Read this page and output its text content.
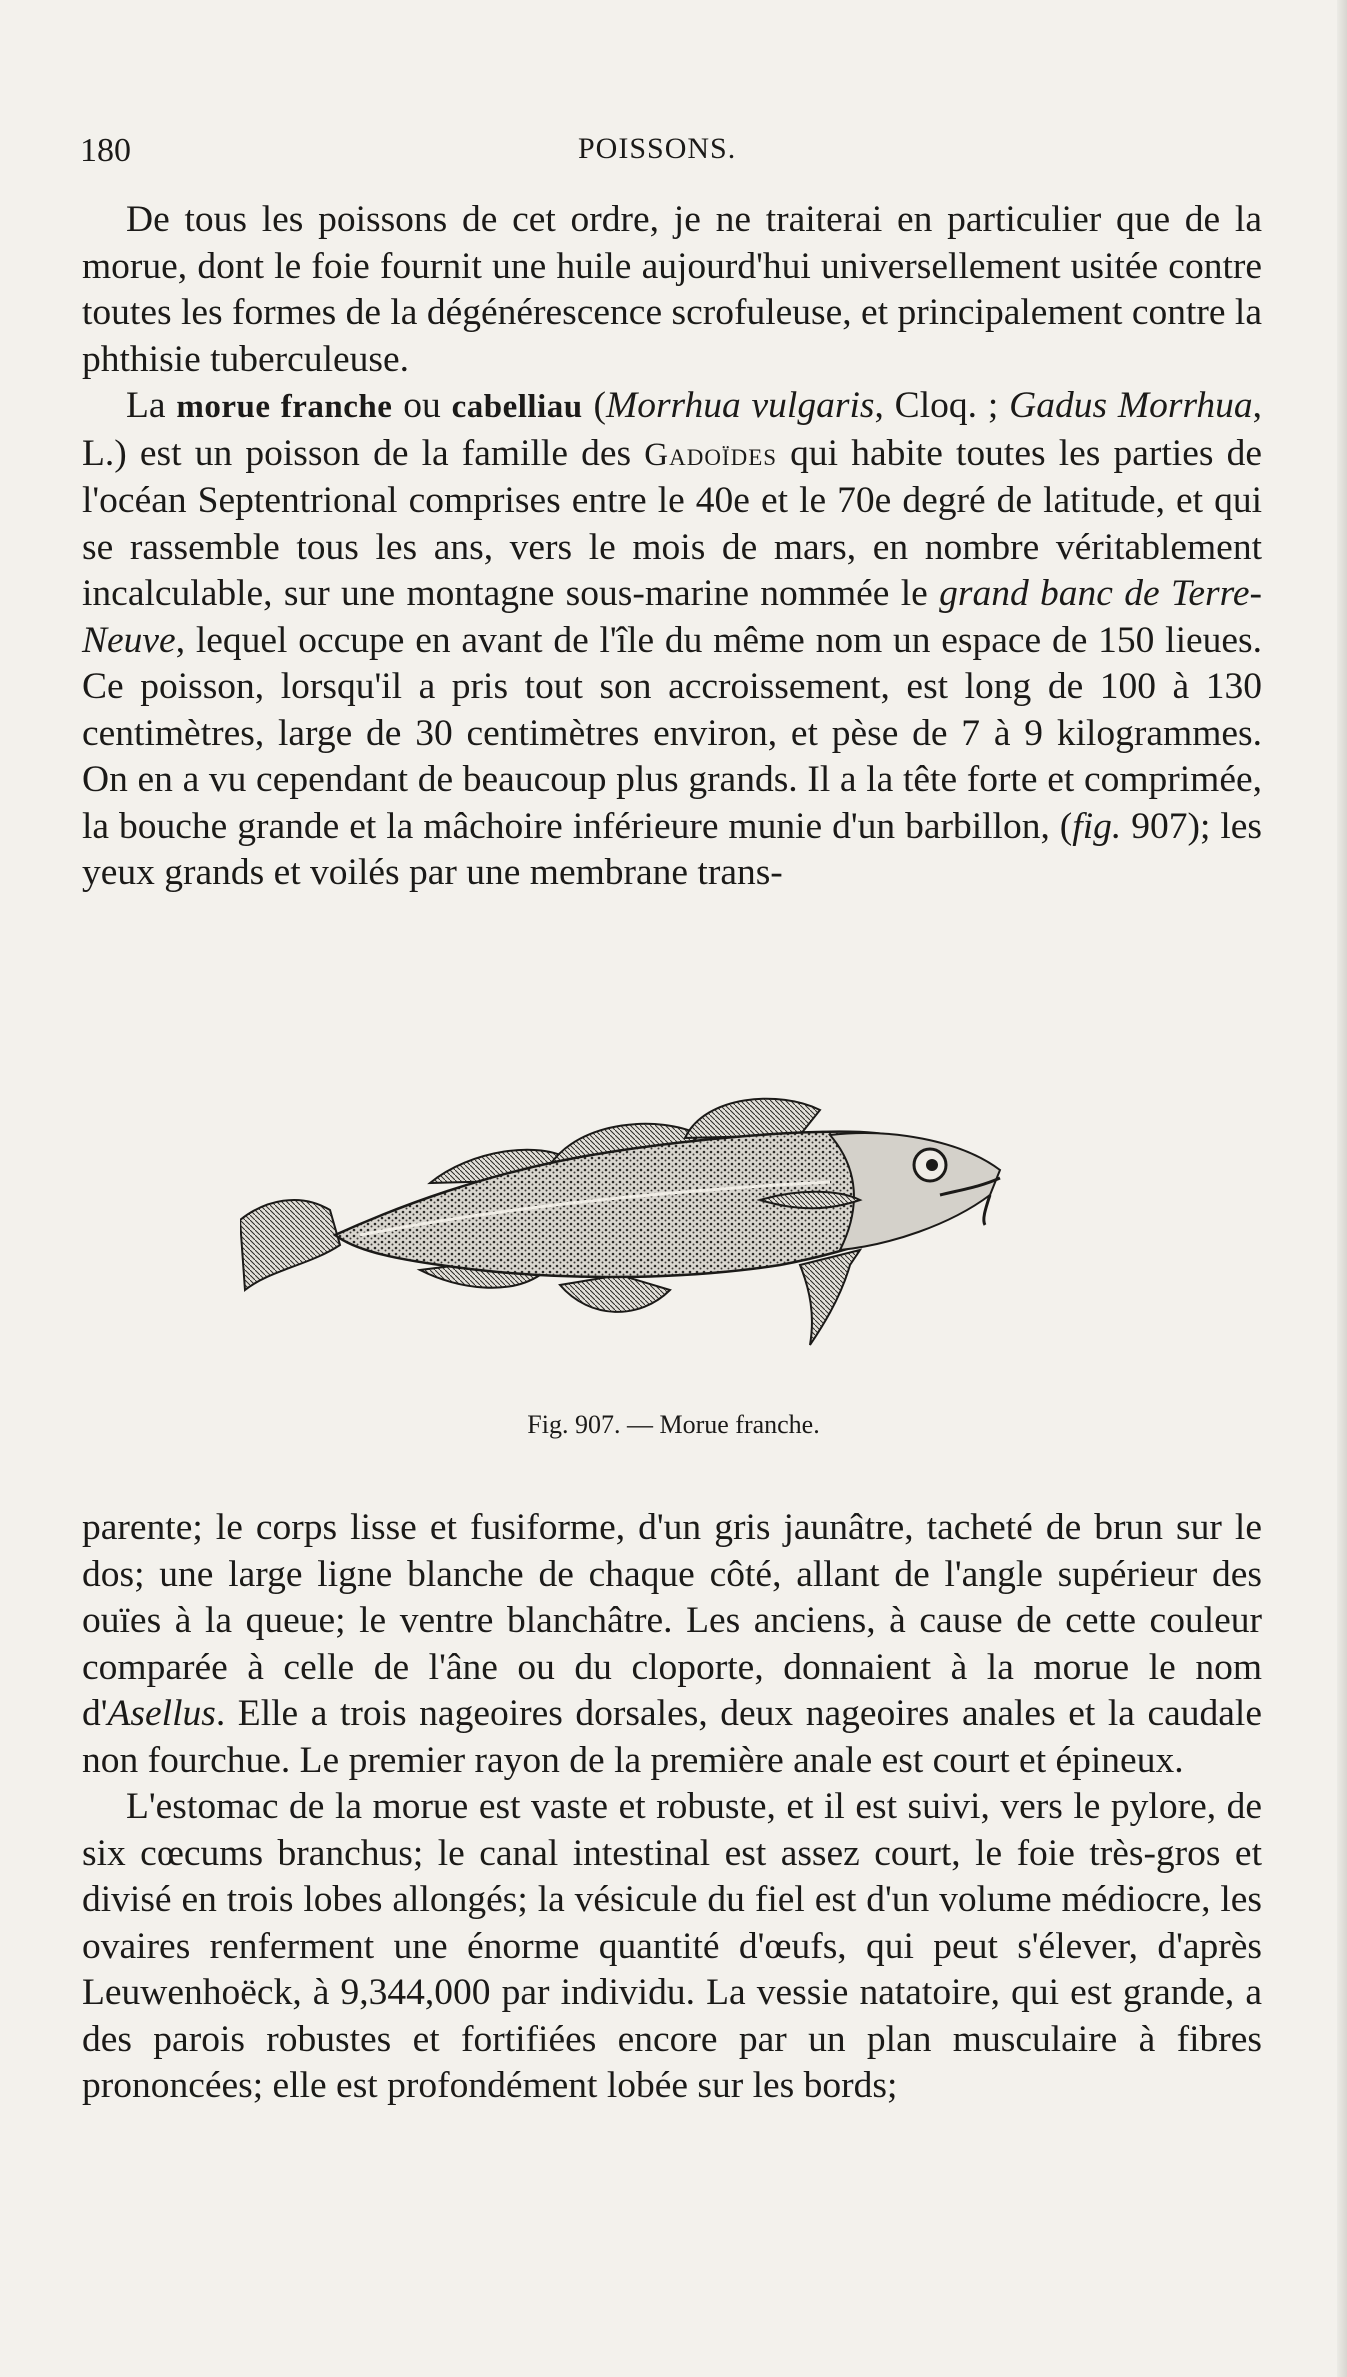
180	POISSONS.

De tous les poissons de cet ordre, je ne traiterai en particulier que de la morue, dont le foie fournit une huile aujourd'hui universellement usitée contre toutes les formes de la dégénérescence scrofuleuse, et principalement contre la phthisie tuberculeuse.

La morue franche ou cabelliau (Morrhua vulgaris, Cloq. ; Gadus Morrhua, L.) est un poisson de la famille des Gadoïdes qui habite toutes les parties de l'océan Septentrional comprises entre le 40e et le 70e degré de latitude, et qui se rassemble tous les ans, vers le mois de mars, en nombre véritablement incalculable, sur une montagne sous-marine nommée le grand banc de Terre-Neuve, lequel occupe en avant de l'île du même nom un espace de 150 lieues. Ce poisson, lorsqu'il a pris tout son accroissement, est long de 100 à 130 centimètres, large de 30 centimètres environ, et pèse de 7 à 9 kilogrammes. On en a vu cependant de beaucoup plus grands. Il a la tête forte et comprimée, la bouche grande et la mâchoire inférieure munie d'un barbillon, (fig. 907); les yeux grands et voilés par une membrane trans-

Fig. 907. — Morue franche.

parente; le corps lisse et fusiforme, d'un gris jaunâtre, tacheté de brun sur le dos; une large ligne blanche de chaque côté, allant de l'angle supérieur des ouïes à la queue; le ventre blanchâtre. Les anciens, à cause de cette couleur comparée à celle de l'âne ou du cloporte, donnaient à la morue le nom d'Asellus. Elle a trois nageoires dorsales, deux nageoires anales et la caudale non fourchue. Le premier rayon de la première anale est court et épineux.

L'estomac de la morue est vaste et robuste, et il est suivi, vers le pylore, de six cœcums branchus; le canal intestinal est assez court, le foie très-gros et divisé en trois lobes allongés; la vésicule du fiel est d'un volume médiocre, les ovaires renferment une énorme quantité d'œufs, qui peut s'élever, d'après Leuwenhoëck, à 9,344,000 par individu. La vessie natatoire, qui est grande, a des parois robustes et fortifiées encore par un plan musculaire à fibres prononcées; elle est profondément lobée sur les bords;
